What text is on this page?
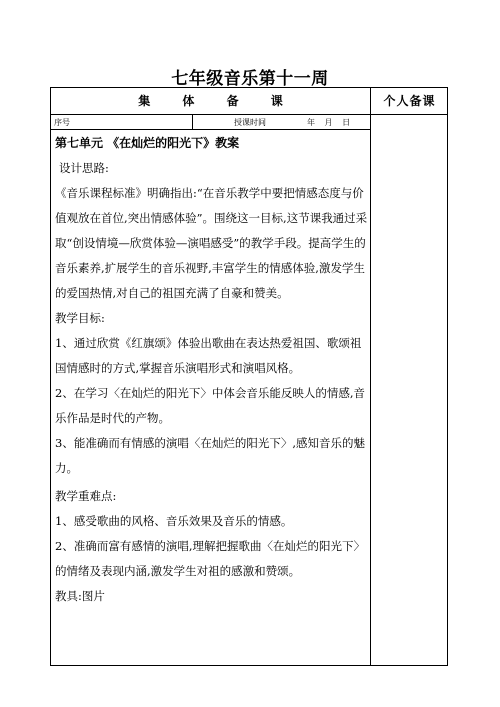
七年级音乐第十一周
集 体 备 课	个人备课
序号	授课时间	年 月 日

第七单元 《在灿烂的阳光下》教案

设计思路:

《音乐课程标准》明确指出:“在音乐教学中要把情感态度与价值观放在首位,突出情感体验”。围绕这一目标,这节课我通过采取“创设情境—欣赏体验—演唱感受”的教学手段。提高学生的音乐素养,扩展学生的音乐视野,丰富学生的情感体验,激发学生的爱国热情,对自己的祖国充满了自豪和赞美。

教学目标:

1、通过欣赏《红旗颂》体验出歌曲在表达热爱祖国、歌颂祖国情感时的方式,掌握音乐演唱形式和演唱风格。

2、在学习〈在灿烂的阳光下〉中体会音乐能反映人的情感,音乐作品是时代的产物。

3、能准确而有情感的演唱〈在灿烂的阳光下〉,感知音乐的魅力。

教学重难点:

1、感受歌曲的风格、音乐效果及音乐的情感。

2、准确而富有感情的演唱,理解把握歌曲〈在灿烂的阳光下〉的情绪及表现内涵,激发学生对祖的感激和赞颂。

教具:图片
